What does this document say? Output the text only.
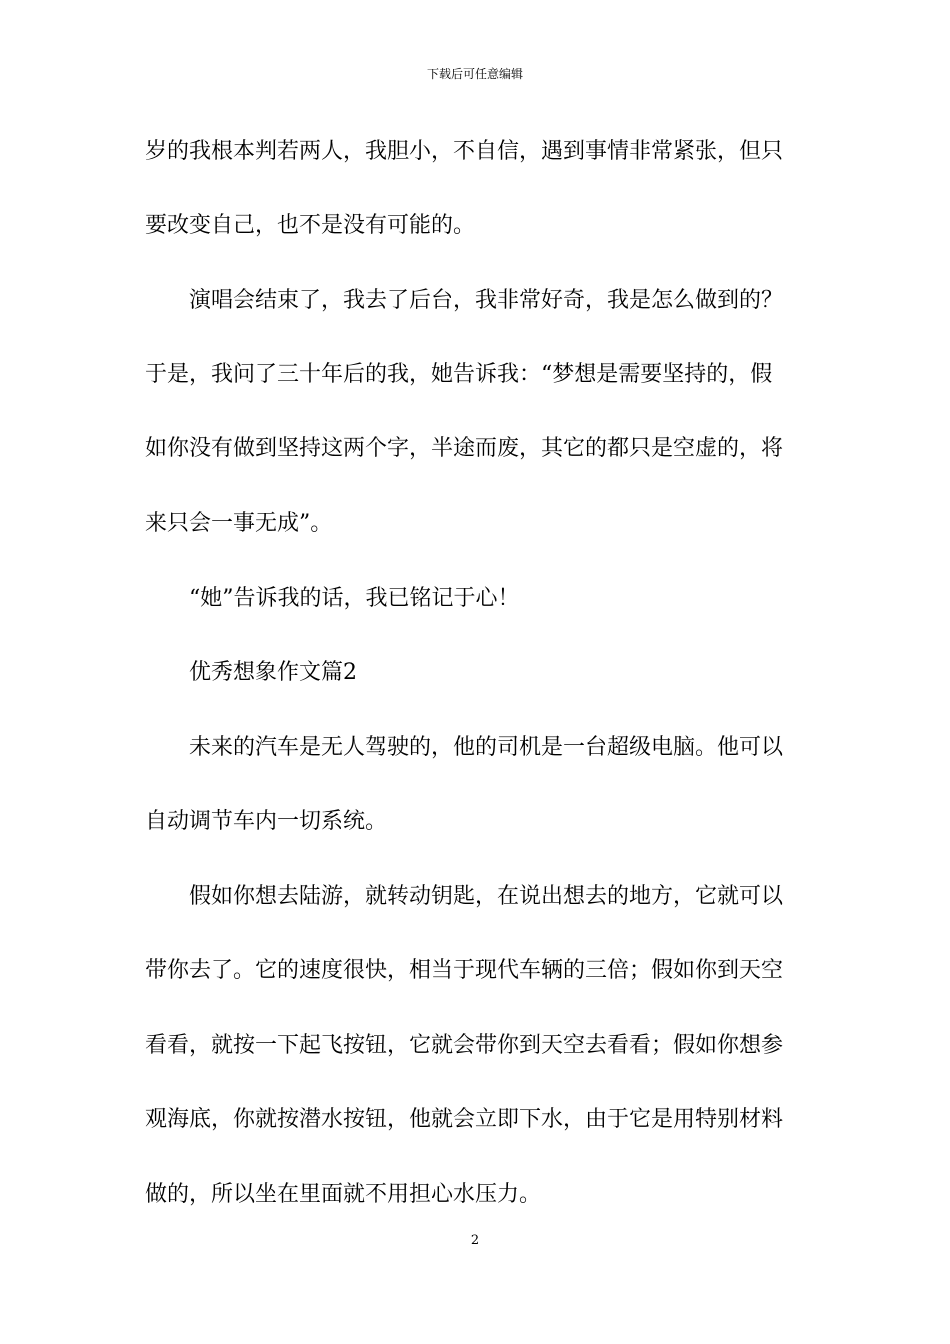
下载后可任意编辑
岁的我根本判若两人，我胆小，不自信，遇到事情非常紧张，但只
要改变自己，也不是没有可能的。
演唱会结束了，我去了后台，我非常好奇，我是怎么做到的？
于是，我问了三十年后的我，她告诉我：“梦想是需要坚持的，假
如你没有做到坚持这两个字，半途而废，其它的都只是空虚的，将
来只会一事无成”。
“她”告诉我的话，我已铭记于心！
优秀想象作文篇2
未来的汽车是无人驾驶的，他的司机是一台超级电脑。他可以
自动调节车内一切系统。
假如你想去陆游，就转动钥匙，在说出想去的地方，它就可以
带你去了。它的速度很快，相当于现代车辆的三倍；假如你到天空
看看，就按一下起飞按钮，它就会带你到天空去看看；假如你想参
观海底，你就按潜水按钮，他就会立即下水，由于它是用特别材料
做的，所以坐在里面就不用担心水压力。
2
